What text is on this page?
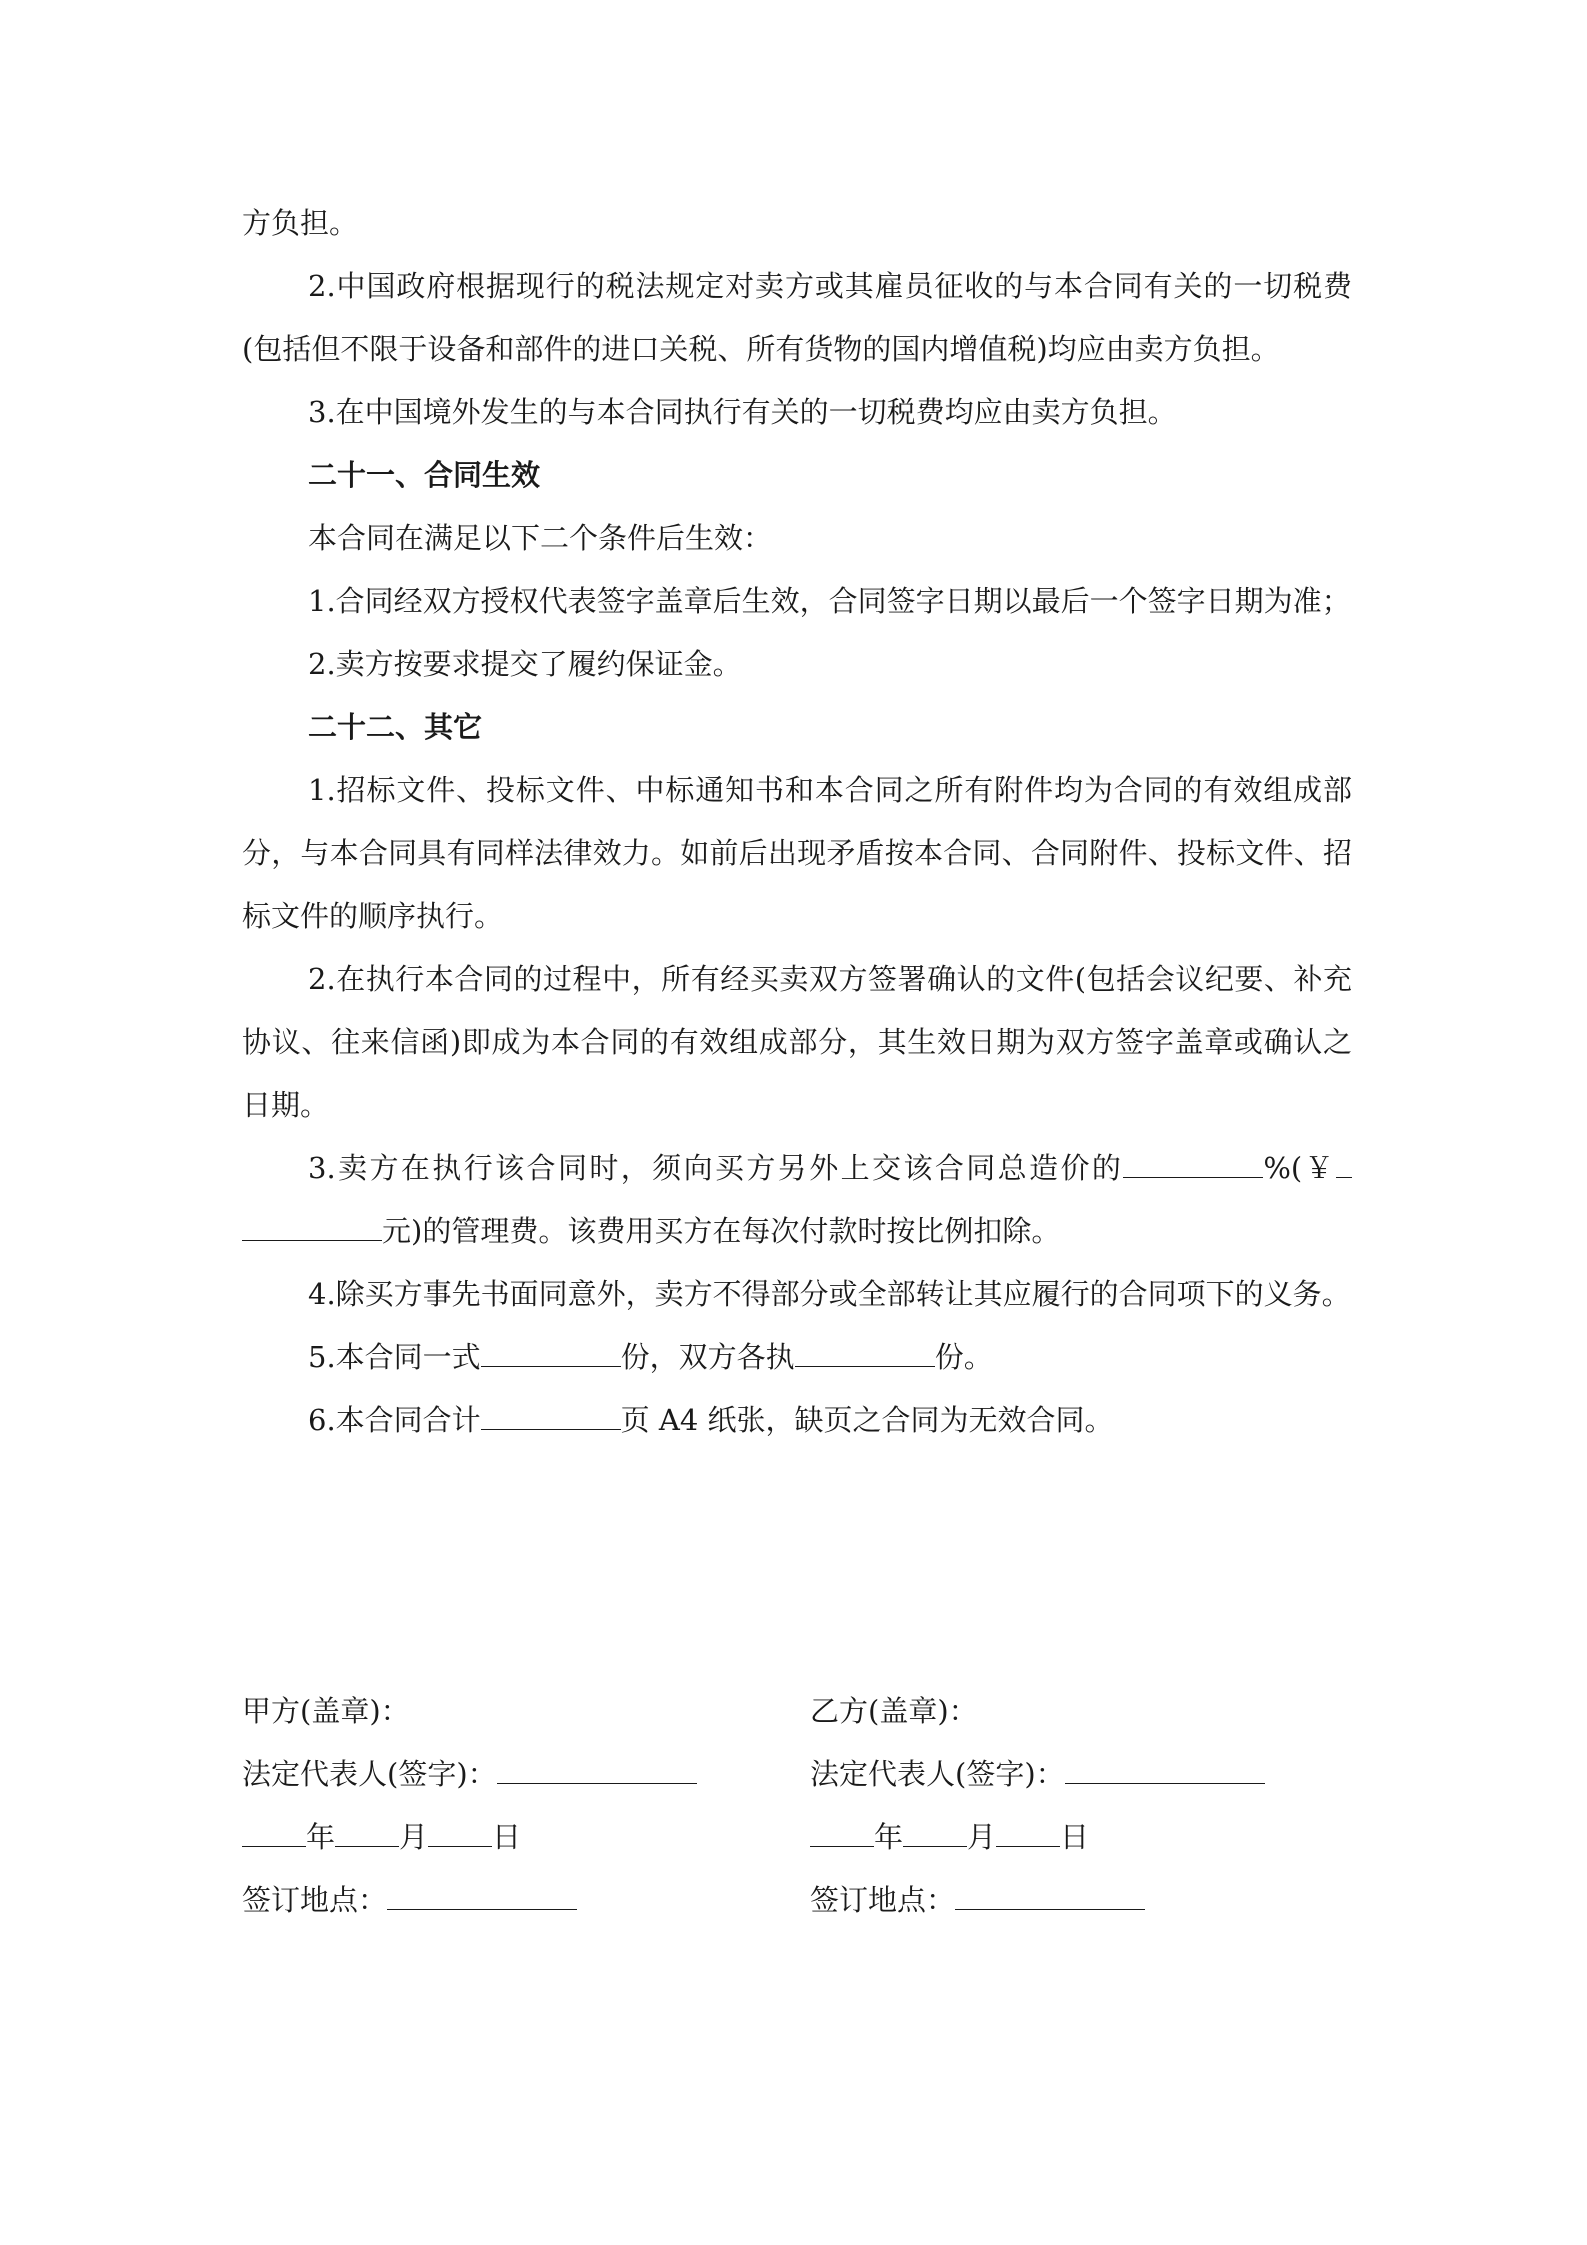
方负担。

2.中国政府根据现行的税法规定对卖方或其雇员征收的与本合同有关的一切税费(包括但不限于设备和部件的进口关税、所有货物的国内增值税)均应由卖方负担。

3.在中国境外发生的与本合同执行有关的一切税费均应由卖方负担。

二十一、合同生效

本合同在满足以下二个条件后生效：

1.合同经双方授权代表签字盖章后生效，合同签字日期以最后一个签字日期为准；

2.卖方按要求提交了履约保证金。

二十二、其它

1.招标文件、投标文件、中标通知书和本合同之所有附件均为合同的有效组成部分，与本合同具有同样法律效力。如前后出现矛盾按本合同、合同附件、投标文件、招标文件的顺序执行。

2.在执行本合同的过程中，所有经买卖双方签署确认的文件(包括会议纪要、补充协议、往来信函)即成为本合同的有效组成部分，其生效日期为双方签字盖章或确认之日期。

3.卖方在执行该合同时，须向买方另外上交该合同总造价的	%(￥元)的管理费。该费用买方在每次付款时按比例扣除。

4.除买方事先书面同意外，卖方不得部分或全部转让其应履行的合同项下的义务。

5.本合同一式	份，双方各执	份。

6.本合同合计	页 A4 纸张，缺页之合同为无效合同。

甲方(盖章)：

法定代表人(签字)：

年 月 日

签订地点：

乙方(盖章)：

法定代表人(签字)：

年 月 日

签订地点：
